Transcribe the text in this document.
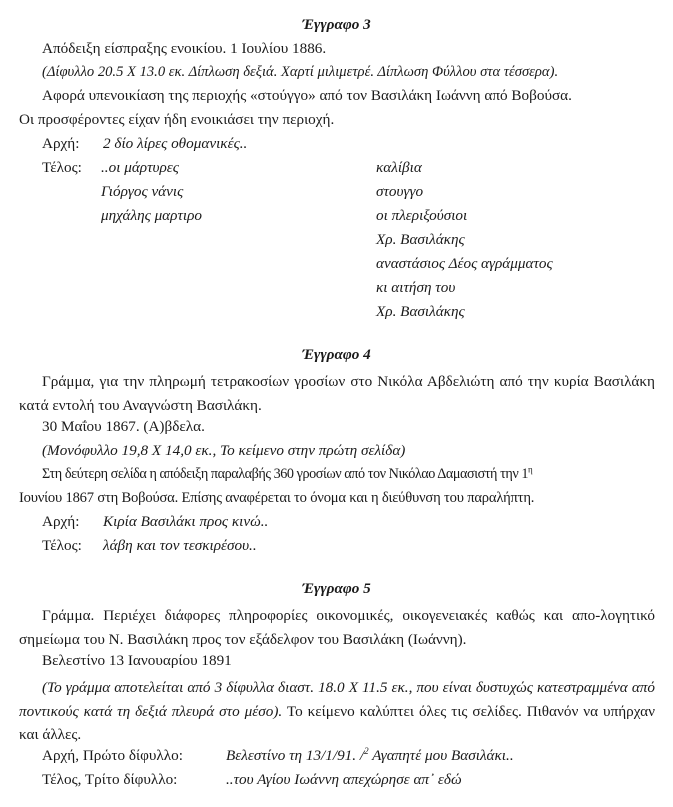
Έγγραφο 3
Απόδειξη είσπραξης ενοικίου. 1 Ιουλίου 1886.
(Δίφυλλο 20.5 Χ 13.0 εκ. Δίπλωση δεξιά. Χαρτί μιλιμετρέ. Δίπλωση Φύλλου στα τέσσερα).
Αφορά υπενοικίαση της περιοχής «στούγγο» από τον Βασιλάκη Ιωάννη από Βοβούσα.
Οι προσφέροντες είχαν ήδη ενοικιάσει την περιοχή.
Αρχή: 2 δίο λίρες οθομανικές..
Τέλος: ..οι μάρτυρες
Γιόργος νάνις
μηχάλης μαρτιρο
καλίβια
στουγγο
οι πλεριξούσιοι
Χρ. Βασιλάκης
αναστάσιος Δέος αγράμματος
κι αιτήση του
Χρ. Βασιλάκης
Έγγραφο 4
Γράμμα, για την πληρωμή τετρακοσίων γροσίων στο Νικόλα Αβδελιώτη από την κυρία Βασιλάκη κατά εντολή του Αναγνώστη Βασιλάκη.
30 Μαΐου 1867. (Α)βδελα.
(Μονόφυλλο 19,8 Χ 14,0 εκ., Το κείμενο στην πρώτη σελίδα)
Στη δεύτερη σελίδα η απόδειξη παραλαβής 360 γροσίων από τον Νικόλαο Δαμασιστή την $1^\eta$
Ιουνίου 1867 στη Βοβούσα. Επίσης αναφέρεται το όνομα και η διεύθυνση του παραλήπτη.
Αρχή: Κιρία Βασιλάκι προς κινώ..
Τέλος: λάβη και τον τεσκιρέσου..
Έγγραφο 5
Γράμμα. Περιέχει διάφορες πληροφορίες οικονομικές, οικογενειακές καθώς και απο-λογητικό σημείωμα του Ν. Βασιλάκη προς τον εξάδελφον του Βασιλάκη (Ιωάννη).
Βελεστίνο 13 Ιανουαρίου 1891
(Το γράμμα αποτελείται από 3 δίφυλλα διαστ. 18.0 Χ 11.5 εκ., που είναι δυστυχώς κατεστραμμένα από ποντικούς κατά τη δεξιά πλευρά στο μέσο). Το κείμενο καλύπτει όλες τις σελίδες. Πιθανόν να υπήρχαν και άλλες.
Αρχή, Πρώτο δίφυλλο:	Βελεστίνο τη 13/1/91. /$^2$ Αγαπητέ μου Βασιλάκι..
Τέλος, Τρίτο δίφυλλο:	..του Αγίου Ιωάννη απεχώρησε απ᾽ εδώ
